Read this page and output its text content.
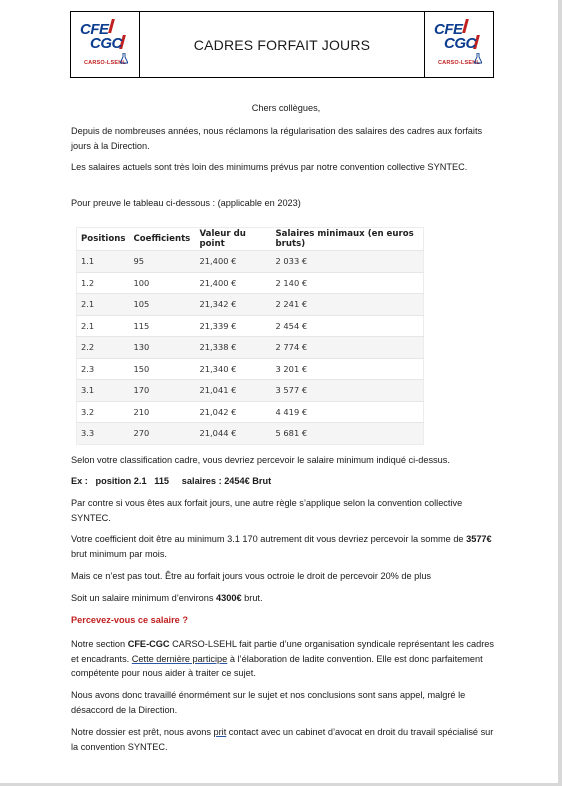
CFE
CGC
CARSO-LSEHL
CADRES FORFAIT JOURS
CFE
CGC
CARSO-LSEHL

Chers collègues,

Depuis de nombreuses années, nous réclamons la régularisation des salaires des cadres aux forfaits jours à la Direction.

Les salaires actuels sont très loin des minimums prévus par notre convention collective SYNTEC.

Pour preuve le tableau ci-dessous : (applicable en 2023)

Positions	Coefficients	Valeur du point	Salaires minimaux (en euros bruts)
1.1	95	21,400 €	2 033 €
1.2	100	21,400 €	2 140 €
2.1	105	21,342 €	2 241 €
2.1	115	21,339 €	2 454 €
2.2	130	21,338 €	2 774 €
2.3	150	21,340 €	3 201 €
3.1	170	21,041 €	3 577 €
3.2	210	21,042 €	4 419 €
3.3	270	21,044 €	5 681 €

Selon votre classification cadre, vous devriez percevoir le salaire minimum indiqué ci-dessus.

Ex :   position 2.1   115     salaires : 2454€ Brut

Par contre si vous êtes aux forfait jours, une autre règle s’applique selon la convention collective SYNTEC.

Votre coefficient doit être au minimum 3.1 170 autrement dit vous devriez percevoir la somme de 3577€ brut minimum par mois.

Mais ce n’est pas tout. Être au forfait jours vous octroie le droit de percevoir 20% de plus

Soit un salaire minimum d’environs 4300€ brut.

Percevez-vous ce salaire ?

Notre section CFE-CGC CARSO-LSEHL fait partie d’une organisation syndicale représentant les cadres et encadrants. Cette dernière participe à l’élaboration de ladite convention. Elle est donc parfaitement compétente pour nous aider à traiter ce sujet.

Nous avons donc travaillé énormément sur le sujet et nos conclusions sont sans appel, malgré le désaccord de la Direction.

Notre dossier est prêt, nous avons prit contact avec un cabinet d’avocat en droit du travail spécialisé sur la convention SYNTEC.
